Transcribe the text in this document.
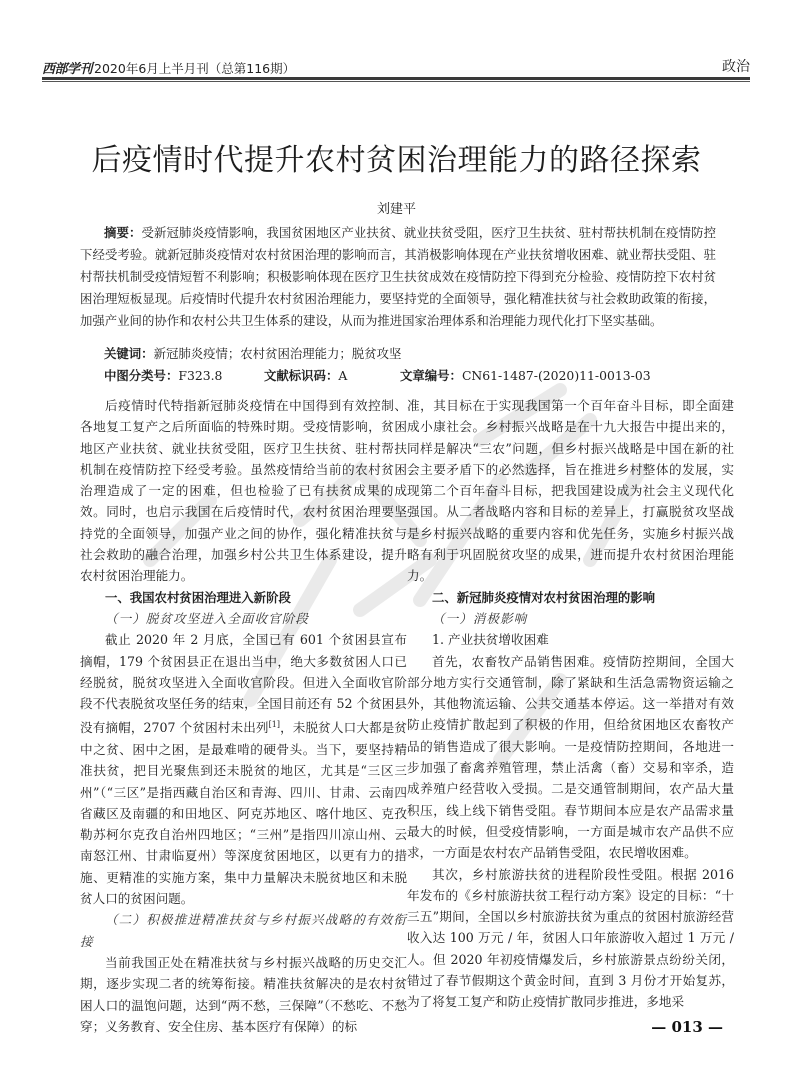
西部学刊 2020年6月上半月刊（总第116期）	政治
后疫情时代提升农村贫困治理能力的路径探索
刘建平
摘要：受新冠肺炎疫情影响，我国贫困地区产业扶贫、就业扶贫受阻，医疗卫生扶贫、驻村帮扶机制在疫情防控下经受考验。就新冠肺炎疫情对农村贫困治理的影响而言，其消极影响体现在产业扶贫增收困难、就业帮扶受阻、驻村帮扶机制受疫情短暂不利影响；积极影响体现在医疗卫生扶贫成效在疫情防控下得到充分检验、疫情防控下农村贫困治理短板显现。后疫情时代提升农村贫困治理能力，要坚持党的全面领导，强化精准扶贫与社会救助政策的衔接，加强产业间的协作和农村公共卫生体系的建设，从而为推进国家治理体系和治理能力现代化打下坚实基础。
关键词：新冠肺炎疫情；农村贫困治理能力；脱贫攻坚
中图分类号：F323.8	文献标识码：A	文章编号：CN61-1487-(2020)11-0013-03

后疫情时代特指新冠肺炎疫情在中国得到有效控制、各地复工复产之后所面临的特殊时期。受疫情影响，贫困地区产业扶贫、就业扶贫受阻，医疗卫生扶贫、驻村帮扶机制在疫情防控下经受考验。虽然疫情给当前的农村贫困治理造成了一定的困难，但也检验了已有扶贫成果的成效。同时，也启示我国在后疫情时代，农村贫困治理要坚持党的全面领导，加强产业之间的协作，强化精准扶贫与社会救助的融合治理，加强乡村公共卫生体系建设，提升农村贫困治理能力。

一、我国农村贫困治理进入新阶段

（一）脱贫攻坚进入全面收官阶段

截止 2020 年 2 月底，全国已有 601 个贫困县宣布摘帽，179 个贫困县正在退出当中，绝大多数贫困人口已经脱贫，脱贫攻坚进入全面收官阶段。但进入全面收官阶段不代表脱贫攻坚任务的结束，全国目前还有 52 个贫困县没有摘帽，2707 个贫困村未出列[1]，未脱贫人口大都是贫中之贫、困中之困，是最难啃的硬骨头。当下，要坚持精准扶贫，把目光聚焦到还未脱贫的地区，尤其是“三区三州”（“三区”是指西藏自治区和青海、四川、甘肃、云南四省藏区及南疆的和田地区、阿克苏地区、喀什地区、克孜勒苏柯尔克孜自治州四地区；“三州”是指四川凉山州、云南怒江州、甘肃临夏州）等深度贫困地区，以更有力的措施、更精准的实施方案，集中力量解决未脱贫地区和未脱贫人口的贫困问题。

（二）积极推进精准扶贫与乡村振兴战略的有效衔接

当前我国正处在精准扶贫与乡村振兴战略的历史交汇期，逐步实现二者的统筹衔接。精准扶贫解决的是农村贫困人口的温饱问题，达到“两不愁，三保障”（不愁吃、不愁穿；义务教育、安全住房、基本医疗有保障）的标

准，其目标在于实现我国第一个百年奋斗目标，即全面建成小康社会。乡村振兴战略是在十九大报告中提出来的，同样是解决“三农”问题，但乡村振兴战略是中国在新的社会主要矛盾下的必然选择，旨在推进乡村整体的发展，实现第二个百年奋斗目标，把我国建设成为社会主义现代化强国。从二者战略内容和目标的差异上，打赢脱贫攻坚战是乡村振兴战略的重要内容和优先任务，实施乡村振兴战略有利于巩固脱贫攻坚的成果，进而提升农村贫困治理能力。

二、新冠肺炎疫情对农村贫困治理的影响

（一）消极影响

1. 产业扶贫增收困难

首先，农畜牧产品销售困难。疫情防控期间，全国大部分地方实行交通管制，除了紧缺和生活急需物资运输之外，其他物流运输、公共交通基本停运。这一举措对有效防止疫情扩散起到了积极的作用，但给贫困地区农畜牧产品的销售造成了很大影响。一是疫情防控期间，各地进一步加强了畜禽养殖管理，禁止活禽（畜）交易和宰杀，造成养殖户经营收入受损。二是交通管制期间，农产品大量积压，线上线下销售受阻。春节期间本应是农产品需求量最大的时候，但受疫情影响，一方面是城市农产品供不应求，一方面是农村农产品销售受阻，农民增收困难。

其次，乡村旅游扶贫的进程阶段性受阻。根据 2016 年发布的《乡村旅游扶贫工程行动方案》设定的目标：“十三五”期间，全国以乡村旅游扶贫为重点的贫困村旅游经营收入达 100 万元 / 年，贫困人口年旅游收入超过 1 万元 / 人。但 2020 年初疫情爆发后，乡村旅游景点纷纷关闭，错过了春节假期这个黄金时间，直到 3 月份才开始复苏，为了将复工复产和防止疫情扩散同步推进，多地采

— 013 —
